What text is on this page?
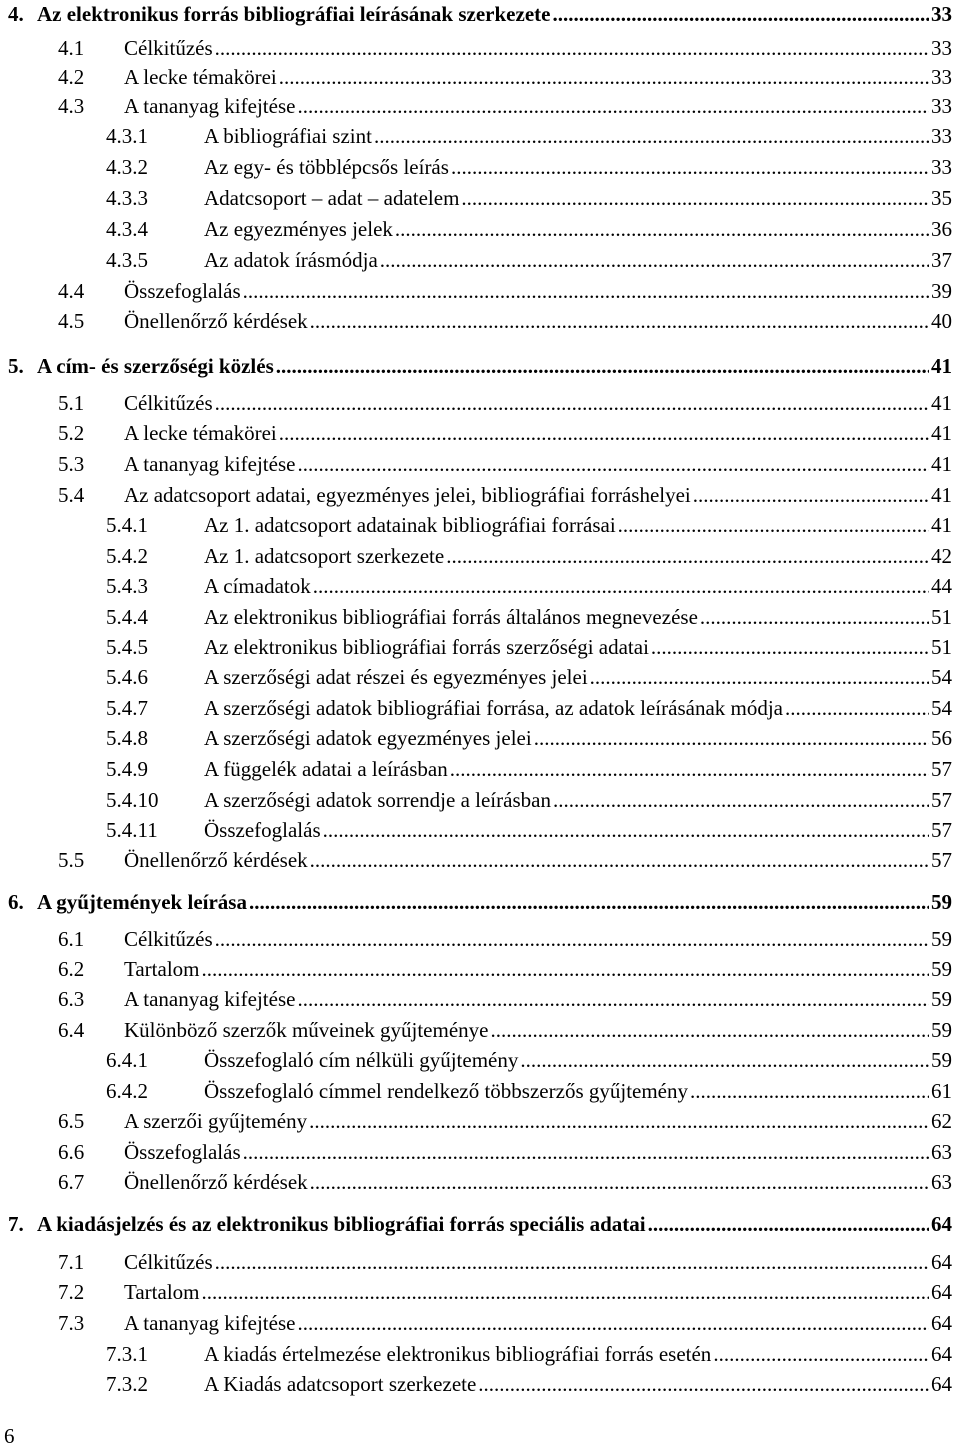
4. Az elektronikus forrás bibliográfiai leírásának szerkezete .....	33
4.1	Célkitűzés .....	33
4.2	A lecke témakörei .....	33
4.3	A tananyag kifejtése .....	33
4.3.1	A bibliográfiai szint .....	33
4.3.2	Az egy- és többlépcsős leírás .....	33
4.3.3	Adatcsoport – adat – adatelem .....	35
4.3.4	Az egyezményes jelek .....	36
4.3.5	Az adatok írásmódja .....	37
4.4	Összefoglalás .....	39
4.5	Önellenőrző kérdések .....	40
5. A cím- és szerzőségi közlés .....	41
5.1	Célkitűzés .....	41
5.2	A lecke témakörei .....	41
5.3	A tananyag kifejtése .....	41
5.4	Az adatcsoport adatai, egyezményes jelei, bibliográfiai forráshelyei .....	41
5.4.1	Az 1. adatcsoport adatainak bibliográfiai forrásai .....	41
5.4.2	Az 1. adatcsoport szerkezete .....	42
5.4.3	A címadatok .....	44
5.4.4	Az elektronikus bibliográfiai forrás általános megnevezése .....	51
5.4.5	Az elektronikus bibliográfiai forrás szerzőségi adatai .....	51
5.4.6	A szerzőségi adat részei és egyezményes jelei .....	54
5.4.7	A szerzőségi adatok bibliográfiai forrása, az adatok leírásának módja .....	54
5.4.8	A szerzőségi adatok egyezményes jelei .....	56
5.4.9	A függelék adatai a leírásban .....	57
5.4.10	A szerzőségi adatok sorrendje a leírásban .....	57
5.4.11	Összefoglalás .....	57
5.5	Önellenőrző kérdések .....	57
6. A gyűjtemények leírása .....	59
6.1	Célkitűzés .....	59
6.2	Tartalom .....	59
6.3	A tananyag kifejtése .....	59
6.4	Különböző szerzők műveinek gyűjteménye .....	59
6.4.1	Összefoglaló cím nélküli gyűjtemény .....	59
6.4.2	Összefoglaló címmel rendelkező többszerzős gyűjtemény .....	61
6.5	A szerzői gyűjtemény .....	62
6.6	Összefoglalás .....	63
6.7	Önellenőrző kérdések .....	63
7. A kiadásjelzés és az elektronikus bibliográfiai forrás speciális adatai .....	64
7.1	Célkitűzés .....	64
7.2	Tartalom .....	64
7.3	A tananyag kifejtése .....	64
7.3.1	A kiadás értelmezése elektronikus bibliográfiai forrás esetén .....	64
7.3.2	A Kiadás adatcsoport szerkezete .....	64
6
